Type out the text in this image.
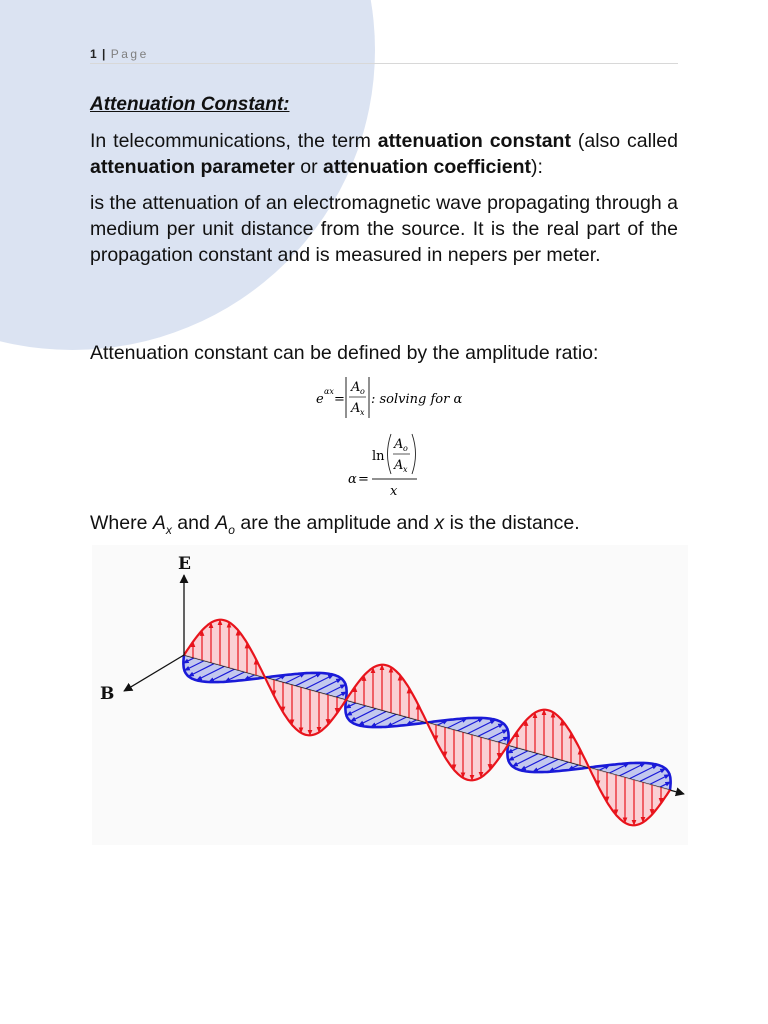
1 | Page
Attenuation Constant:

In telecommunications, the term attenuation constant (also called attenuation parameter or attenuation coefficient):

is the attenuation of an electromagnetic wave propagating through a medium per unit distance from the source. It is the real part of the propagation constant and is measured in nepers per meter.

Attenuation constant can be defined by the amplitude ratio:

e
αx
=
A o
A x
: solving for α
α =
ln
A o
A x
x

Where $A_x$ and $A_o$ are the amplitude and x is the distance.

E
B
